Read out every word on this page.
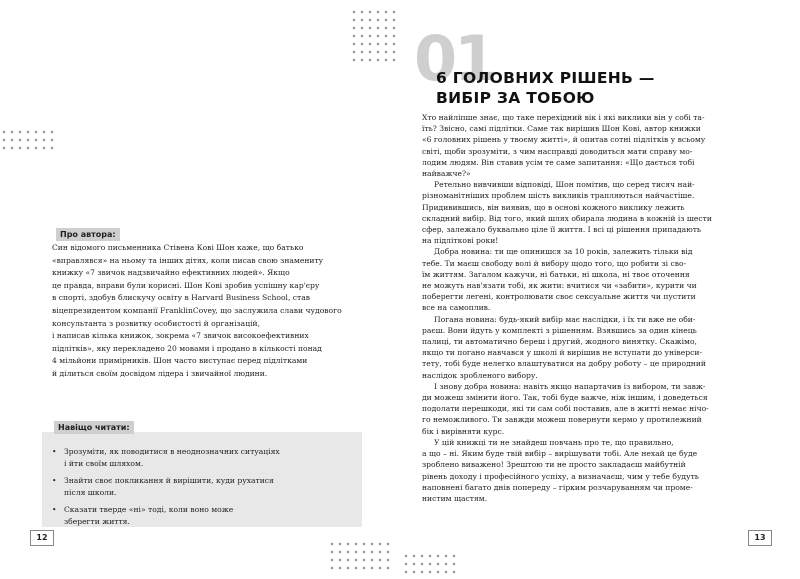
Про автора:
Син відомого письменника Стівена Кові Шон каже, що батько
«вправлявся» на ньому та інших дітях, коли писав свою знамениту
книжку «7 звичок надзвичайно ефективних людей». Якщо
це правда, вправи були корисні. Шон Кові зробив успішну кар'єру
в спорті, здобув блискучу освіту в Harvard Business School, став
віцепрезидентом компанії FranklinCovey, що заслужила слави чудового
консультанта з розвитку особистості й організацій,
і написав кілька книжок, зокрема «7 звичок високоефективних
підлітків», яку перекладено 20 мовами і продано в кількості понад
4 мільйони примірників. Шон часто виступає перед підлітками
й ділиться своїм досвідом лідера і звичайної людини.
Навіщо читати:
• Зрозуміти, як поводитися в неоднозначних ситуаціях
і йти своїм шляхом.
• Знайти своє покликання й вирішити, куди рухатися
після школи.
• Сказати тверде «ні» тоді, коли воно може
зберегти життя.
12
01
6 ГОЛОВНИХ РІШЕНЬ —
ВИБІР ЗА ТОБОЮ
Хто найліпше знає, що таке перехідний вік і які виклики він у собі та-
їть? Звісно, самі підлітки. Саме так вирішив Шон Кові, автор книжки
«6 головних рішень у твоєму житті», й опитав сотні підлітків у всьому
світі, щоби зрозуміти, з чим насправді доводиться мати справу мо-
лодим людям. Він ставив усім те саме запитання: «Що дається тобі
найважче?»
Ретельно вивчивши відповіді, Шон помітив, що серед тисяч най-
різноманітніших проблем шість викликів трапляються найчастіше.
Придивившись, він виявив, що в основі кожного виклику лежить
складний вибір. Від того, який шлях обирала людина в кожній із шести
сфер, залежало буквально ціле її життя. І всі ці рішення припадають
на підліткові роки!
Добра новина: ти ще опинишся за 10 років, залежить тільки від
тебе. Ти маєш свободу волі й вибору щодо того, що робити зі сво-
їм життям. Загалом кажучи, ні батьки, ні школа, ні твоє оточення
не можуть нав'язати тобі, як жити: вчитися чи «забити», курити чи
поберегти легені, контролювати своє сексуальне життя чи пустити
все на самоплив.
Погана новина: будь-який вибір має наслідки, і їх ти вже не оби-
раєш. Вони йдуть у комплекті з рішенням. Взявшись за один кінець
палиці, ти автоматично береш і другий, жодного винятку. Скажімо,
якщо ти погано навчався у школі й вирішив не вступати до універси-
тету, тобі буде нелегко влаштуватися на добру роботу – це природний
наслідок зробленого вибору.
І знову добра новина: навіть якщо напартачив із вибором, ти завж-
ди можеш змінити його. Так, тобі буде важче, ніж іншим, і доведеться
подолати перешкоди, які ти сам собі поставив, але в житті немає нічо-
го неможливого. Ти завжди можеш повернути кермо у протилежний
бік і вирівняти курс.
У цій книжці ти не знайдеш повчань про те, що правильно,
а що – ні. Яким буде твій вибір – вирішувати тобі. Але нехай це буде
зроблено виважено! Зрештою ти не просто закладаєш майбутній
рівень доходу і професійного успіху, а визначаєш, чим у тебе будуть
наповнені багато днів попереду – гірким розчаруванням чи проме-
нистим щастям.
13
